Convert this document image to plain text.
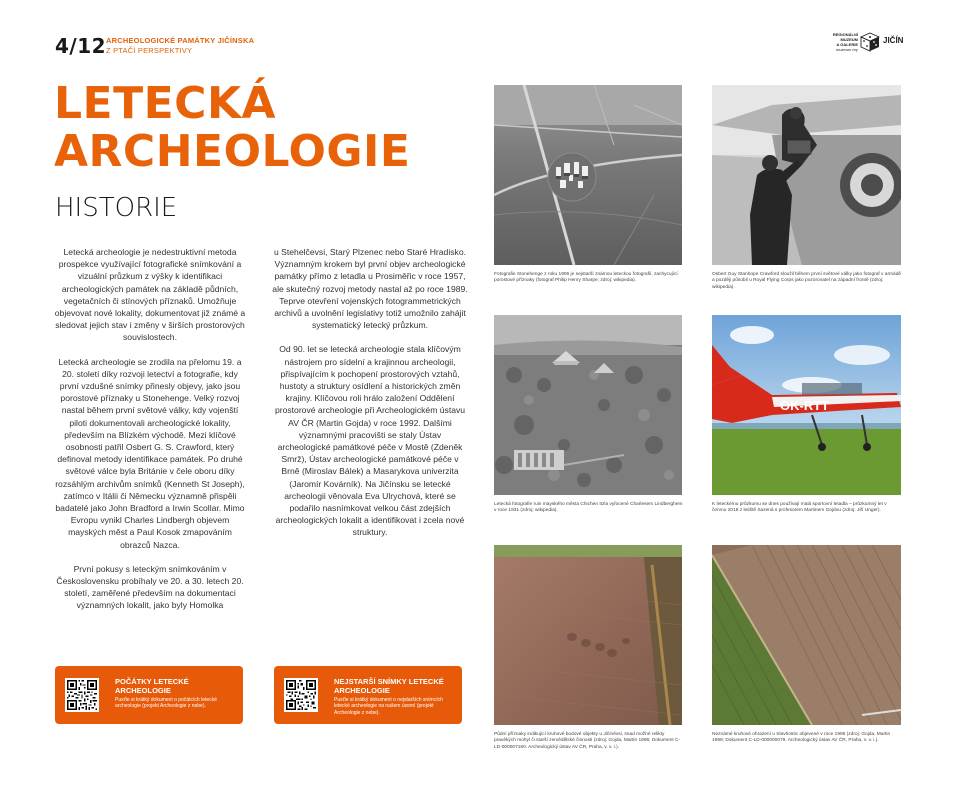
4/12 ARCHEOLOGICKÉ PAMÁTKY JIČÍNSKA
Z PTAČÍ PERSPEKTIVY
REGIONÁLNÍ
MUZEUM
A GALERIE
muzeum hry
JIČÍN
LETECKÁ
ARCHEOLOGIE
HISTORIE

Letecká archeologie je nedestruktivní metoda prospekce využívající fotografické snímkování a vizuální průzkum z výšky k identifikaci archeologických památek na základě půdních, vegetačních či stínových příznaků. Umožňuje objevovat nové lokality, dokumentovat již známé a sledovat jejich stav i změny v širších prostorových souvislostech.

Letecká archeologie se zrodila na přelomu 19. a 20. století díky rozvoji letectví a fotografie, kdy první vzdušné snímky přinesly objevy, jako jsou porostové příznaky u Stonehenge. Velký rozvoj nastal během první světové války, kdy vojenští piloti dokumentovali archeologické lokality, především na Blízkém východě. Mezi klíčové osobnosti patřil Osbert G. S. Crawford, který definoval metody identifikace památek. Po druhé světové válce byla Británie v čele oboru díky rozsáhlým archivům snímků (Kenneth St Joseph), zatímco v Itálii či Německu významně přispěli badatelé jako John Bradford a Irwin Scollar. Mimo Evropu vynikl Charles Lindbergh objevem mayských měst a Paul Kosok zmapováním obrazců Nazca.

První pokusy s leteckým snímkováním v Československu probíhaly ve 20. a 30. letech 20. století, zaměřené především na dokumentaci významných lokalit, jako byly Homolka

u Stehelčevsi, Starý Plzenec nebo Staré Hradisko. Významným krokem byl první objev archeologické památky přímo z letadla u Prosiměřic v roce 1957, ale skutečný rozvoj metody nastal až po roce 1989. Teprve otevření vojenských fotogrammetrických archivů a uvolnění legislativy totiž umožnilo zahájit systematický letecký průzkum.

Od 90. let se letecká archeologie stala klíčovým nástrojem pro sídelní a krajinnou archeologii, přispívajícím k pochopení prostorových vztahů, hustoty a struktury osídlení a historických změn krajiny. Klíčovou roli hrálo založení Oddělení prostorové archeologie při Archeologickém ústavu AV ČR (Martin Gojda) v roce 1992. Dalšími významnými pracovišti se staly Ústav archeologické památkové péče v Mostě (Zdeněk Smrž), Ústav archeologické památkové péče v Brně (Miroslav Bálek) a Masarykova univerzita (Jaromír Kovárník). Na Jičínsku se letecké archeologii věnovala Eva Ulrychová, které se podařilo nasnímkovat velkou část zdejších archeologických lokalit a identifikovat i zcela nové struktury.

POČÁTKY LETECKÉ ARCHEOLOGIE
Pusťte si krátký dokument o počátcích letecké archeologie (projekt Archeologie z nebe).
NEJSTARŠÍ SNÍMKY LETECKÉ ARCHEOLOGIE
Pusťte si krátký dokument o nejstarších snímcích letecké archeologie na našem území (projekt Archeologie z nebe).
Fotografie Stonehenge z roku 1906 je nejstarší známou leteckou fotografií, zachycující porostové příznaky (fotograf Philip Henry Sharpe; zdroj: wikipedia).
Osbert Guy Stanhope Crawford sloužil během první světové války jako fotograf v armádě a později působil u Royal Flying Corps jako pozorovatel na západní frontě (zdroj: wikipedia).
Letecká fotografie ruin mayského města Chichen Itzla vyfocené Charlesem Lindberghem v roce 1931 (zdroj: wikipedia).
OK-RTT
K leteckému průzkumu se dnes používají malá sportovní letadla – průzkumný let v červnu 2018 z letiště Sazená s profesorem Martinem Gojdou (zdroj: Jiří Unger).
Půdní příznaky indikující kruhové bodové objekty u Jičíněvsi, snad možné relikty pravěkých mohyl či starší zemědělské činnosti (zdroj: Gojda, Martin 1995; Dokument C-LD-000007180. Archeologický ústav AV ČR, Praha, v. v. i.).
Neznámé kruhové ohrazení u Slavhostic objevené v roce 1995 (zdroj: Gojda, Martin 1999; Dokument C-LD-000000079. Archeologický ústav AV ČR, Praha, v. v. i.).
